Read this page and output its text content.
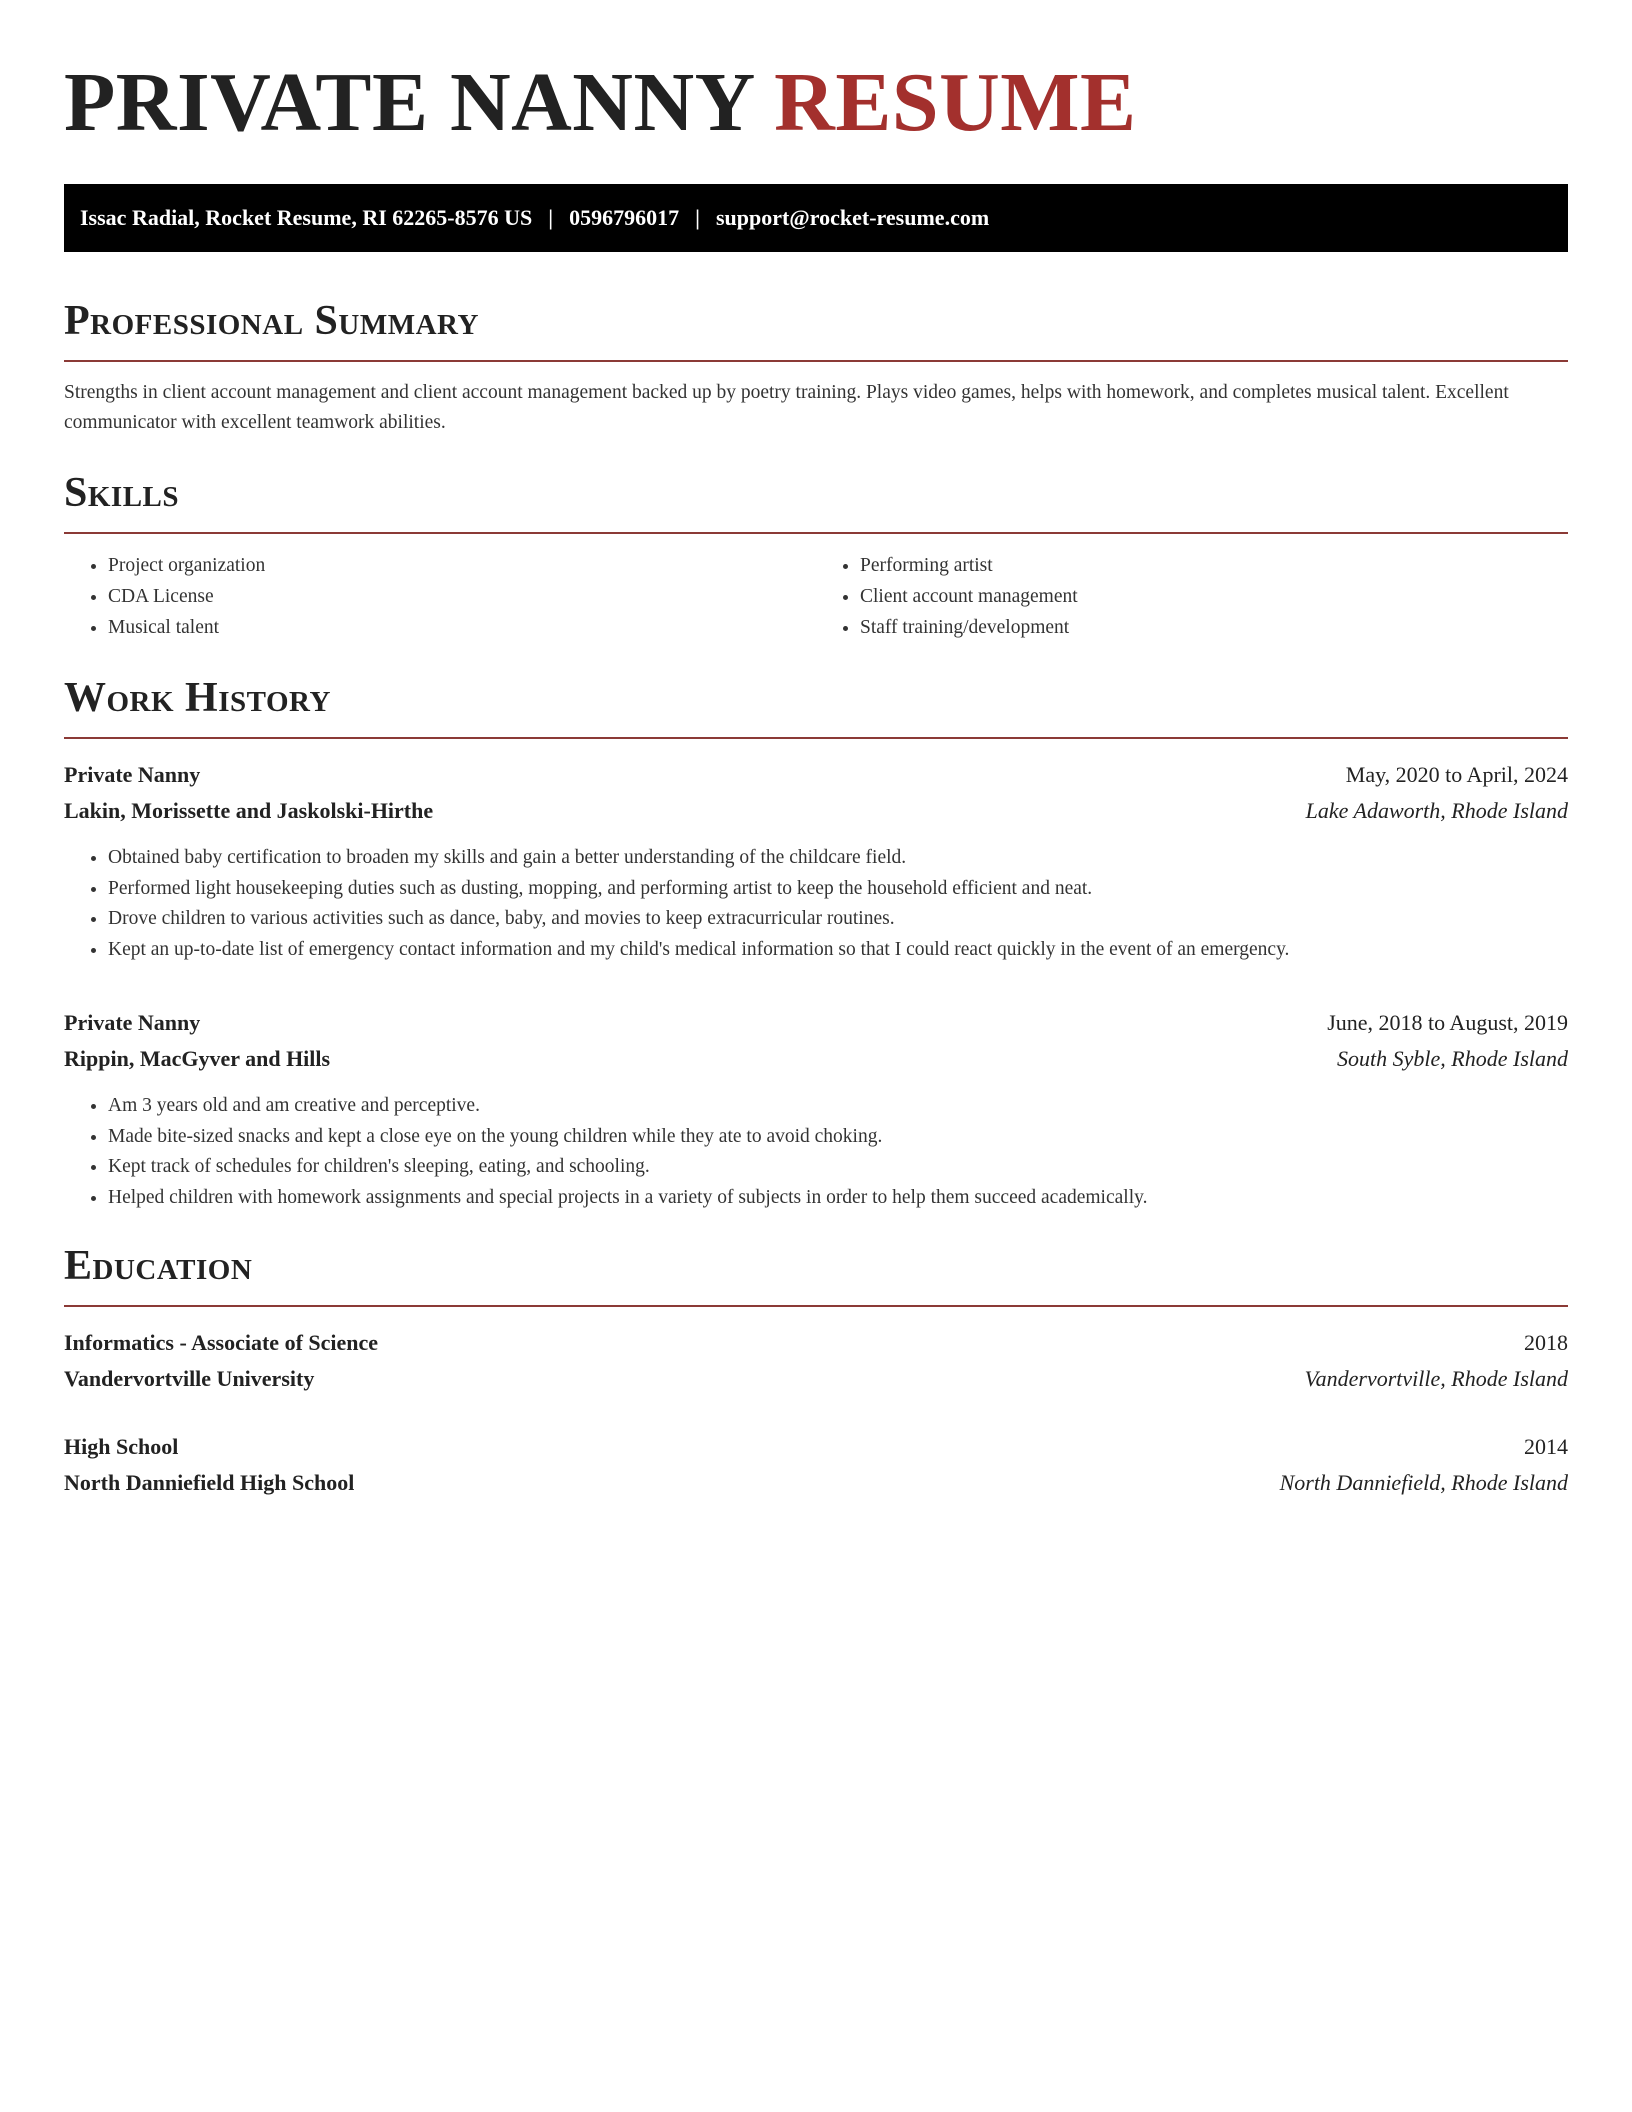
PRIVATE NANNY RESUME
Issac Radial, Rocket Resume, RI 62265-8576 US | 0596796017 | support@rocket-resume.com
Professional Summary

Strengths in client account management and client account management backed up by poetry training. Plays video games, helps with homework, and completes musical talent. Excellent communicator with excellent teamwork abilities.

Skills
• Project organization
• CDA License
• Musical talent
• Performing artist
• Client account management
• Staff training/development
Work History
Private Nanny	May, 2020 to April, 2024
Lakin, Morissette and Jaskolski-Hirthe	Lake Adaworth, Rhode Island
• Obtained baby certification to broaden my skills and gain a better understanding of the childcare field.
• Performed light housekeeping duties such as dusting, mopping, and performing artist to keep the household efficient and neat.
• Drove children to various activities such as dance, baby, and movies to keep extracurricular routines.
• Kept an up-to-date list of emergency contact information and my child's medical information so that I could react quickly in the event of an emergency.
Private Nanny	June, 2018 to August, 2019
Rippin, MacGyver and Hills	South Syble, Rhode Island
• Am 3 years old and am creative and perceptive.
• Made bite-sized snacks and kept a close eye on the young children while they ate to avoid choking.
• Kept track of schedules for children's sleeping, eating, and schooling.
• Helped children with homework assignments and special projects in a variety of subjects in order to help them succeed academically.
Education
Informatics - Associate of Science	2018
Vandervortville University	Vandervortville, Rhode Island
High School	2014
North Danniefield High School	North Danniefield, Rhode Island
